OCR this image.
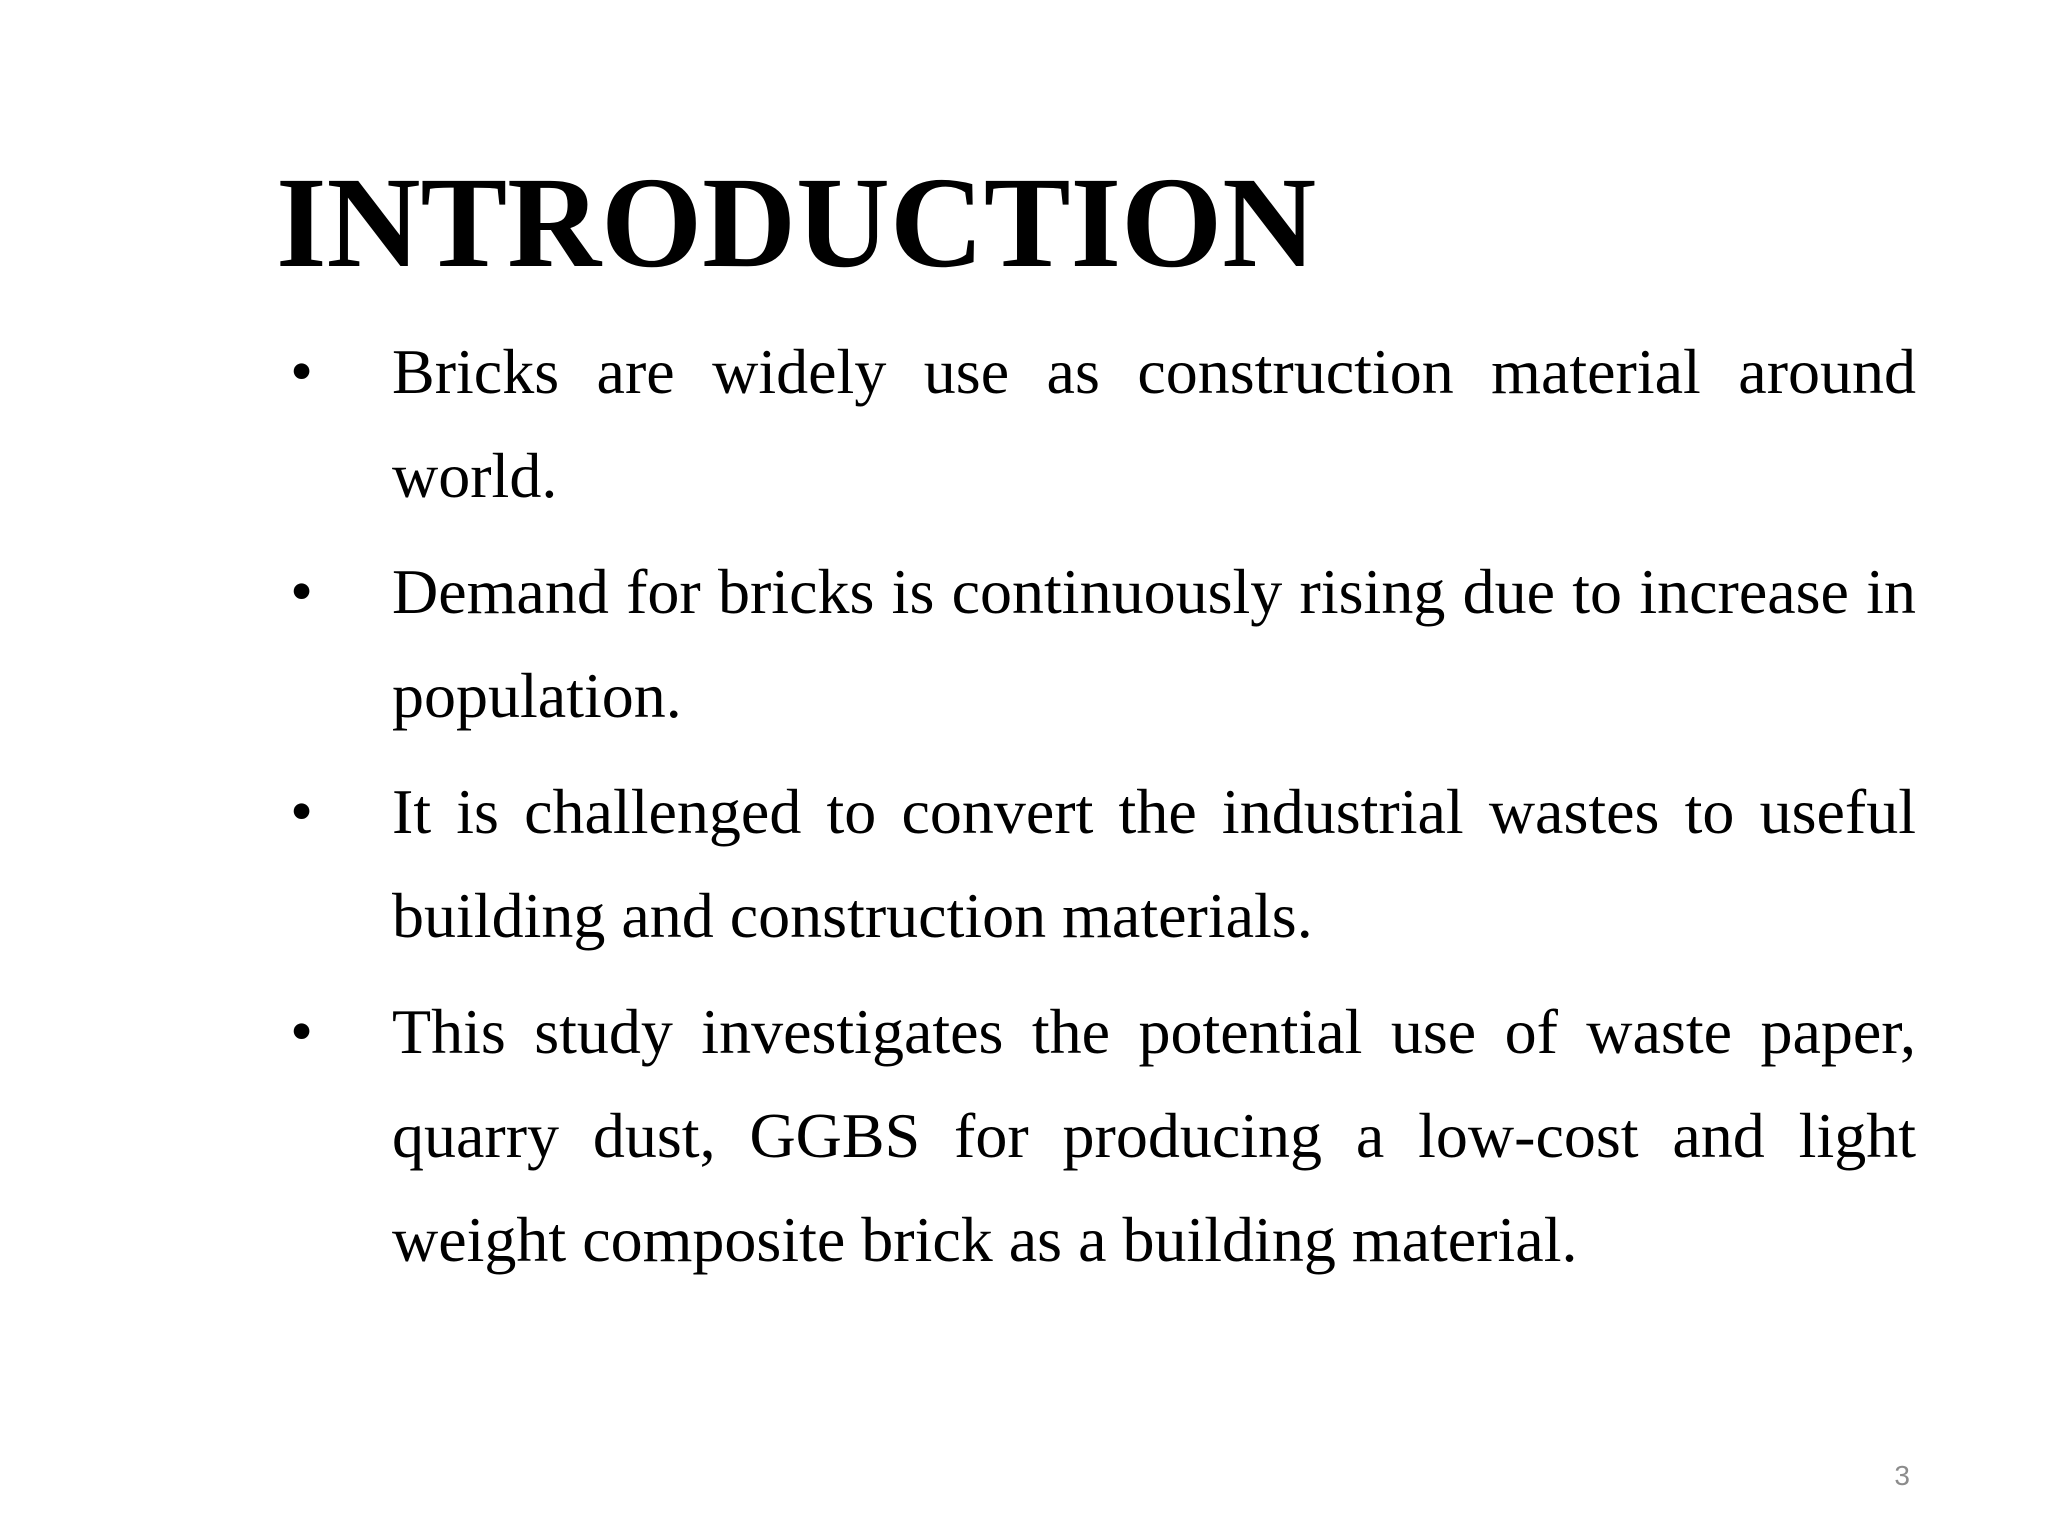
INTRODUCTION
•	Bricks are widely use as construction material around world.
•	Demand for bricks is continuously rising due to increase in population.
•	It is challenged to convert the industrial wastes to useful building and construction materials.
•	This study investigates the potential use of waste paper, quarry dust, GGBS for producing a low-cost and light weight composite brick as a building material.
3
